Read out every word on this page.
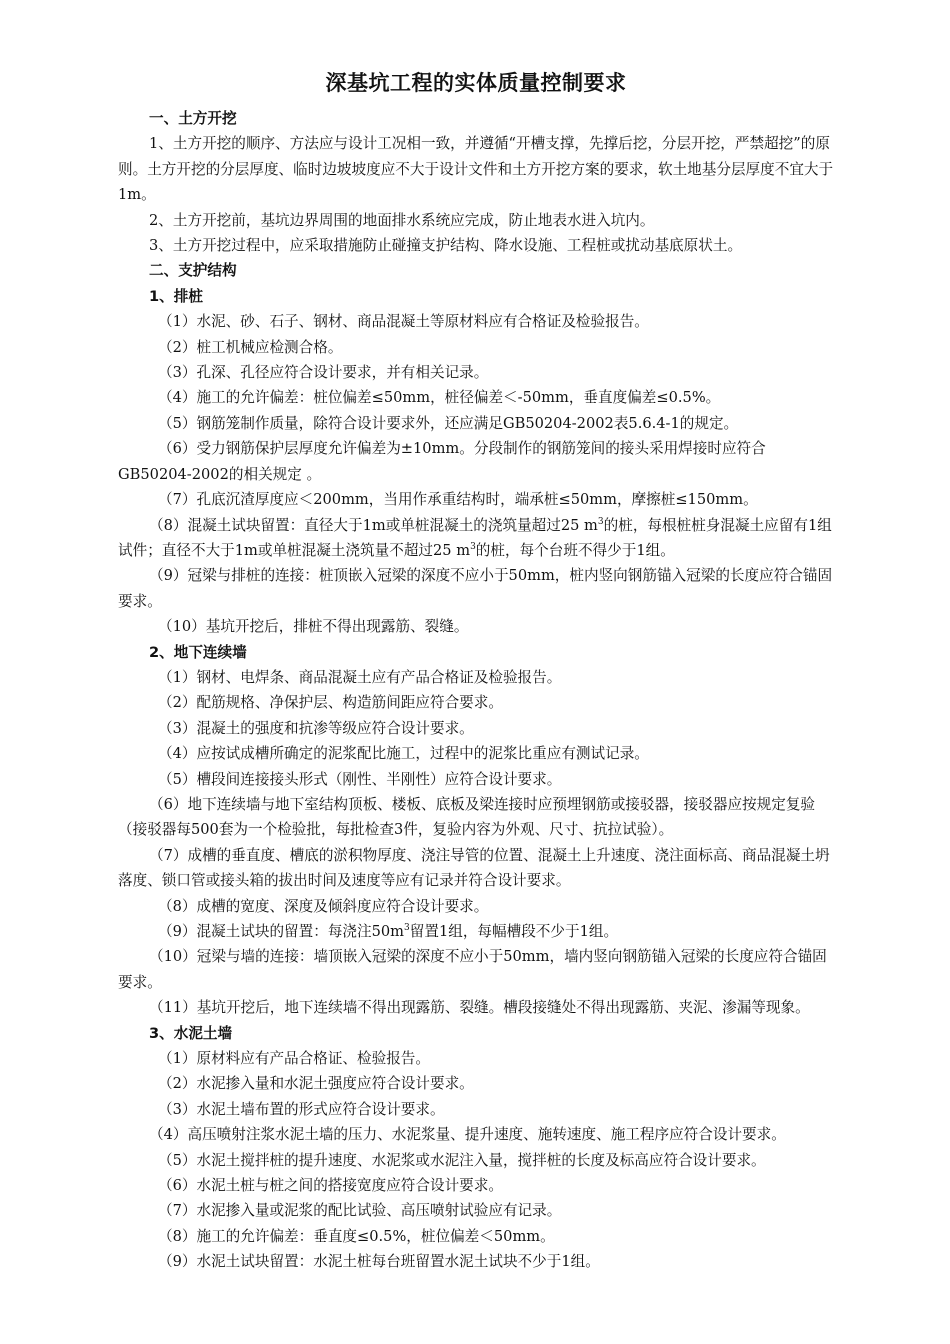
深基坑工程的实体质量控制要求

一、土方开挖

1、土方开挖的顺序、方法应与设计工况相一致，并遵循“开槽支撑，先撑后挖，分层开挖，严禁超挖”的原则。土方开挖的分层厚度、临时边坡坡度应不大于设计文件和土方开挖方案的要求，软土地基分层厚度不宜大于1m。

2、土方开挖前，基坑边界周围的地面排水系统应完成，防止地表水进入坑内。

3、土方开挖过程中，应采取措施防止碰撞支护结构、降水设施、工程桩或扰动基底原状土。

二、支护结构

1、排桩

（1）水泥、砂、石子、钢材、商品混凝土等原材料应有合格证及检验报告。

（2）桩工机械应检测合格。

（3）孔深、孔径应符合设计要求，并有相关记录。

（4）施工的允许偏差：桩位偏差≤50mm，桩径偏差＜-50mm，垂直度偏差≤0.5%。

（5）钢筋笼制作质量，除符合设计要求外，还应满足GB50204-2002表5.6.4-1的规定。

（6）受力钢筋保护层厚度允许偏差为±10mm。分段制作的钢筋笼间的接头采用焊接时应符合GB50204-2002的相关规定 。

（7）孔底沉渣厚度应＜200mm，当用作承重结构时，端承桩≤50mm，摩擦桩≤150mm。

（8）混凝土试块留置：直径大于1m或单桩混凝土的浇筑量超过25 $m^3$的桩，每根桩桩身混凝土应留有1组试件；直径不大于1m或单桩混凝土浇筑量不超过25 $m^3$的桩，每个台班不得少于1组。

（9）冠梁与排桩的连接：桩顶嵌入冠梁的深度不应小于50mm，桩内竖向钢筋锚入冠梁的长度应符合锚固要求。

（10）基坑开挖后，排桩不得出现露筋、裂缝。

2、地下连续墙

（1）钢材、电焊条、商品混凝土应有产品合格证及检验报告。

（2）配筋规格、净保护层、构造筋间距应符合要求。

（3）混凝土的强度和抗渗等级应符合设计要求。

（4）应按试成槽所确定的泥浆配比施工，过程中的泥浆比重应有测试记录。

（5）槽段间连接接头形式（刚性、半刚性）应符合设计要求。

（6）地下连续墙与地下室结构顶板、楼板、底板及梁连接时应预埋钢筋或接驳器，接驳器应按规定复验（接驳器每500套为一个检验批，每批检查3件，复验内容为外观、尺寸、抗拉试验）。

（7）成槽的垂直度、槽底的淤积物厚度、浇注导管的位置、混凝土上升速度、浇注面标高、商品混凝土坍落度、锁口管或接头箱的拔出时间及速度等应有记录并符合设计要求。

（8）成槽的宽度、深度及倾斜度应符合设计要求。

（9）混凝土试块的留置：每浇注$50m^3$留置1组，每幅槽段不少于1组。

（10）冠梁与墙的连接：墙顶嵌入冠梁的深度不应小于50mm，墙内竖向钢筋锚入冠梁的长度应符合锚固要求。

（11）基坑开挖后，地下连续墙不得出现露筋、裂缝。槽段接缝处不得出现露筋、夹泥、渗漏等现象。

3、水泥土墙

（1）原材料应有产品合格证、检验报告。

（2）水泥掺入量和水泥土强度应符合设计要求。

（3）水泥土墙布置的形式应符合设计要求。

（4）高压喷射注浆水泥土墙的压力、水泥浆量、提升速度、施转速度、施工程序应符合设计要求。

（5）水泥土搅拌桩的提升速度、水泥浆或水泥注入量，搅拌桩的长度及标高应符合设计要求。

（6）水泥土桩与桩之间的搭接宽度应符合设计要求。

（7）水泥掺入量或泥浆的配比试验、高压喷射试验应有记录。

（8）施工的允许偏差：垂直度≤0.5%，桩位偏差＜50mm。

（9）水泥土试块留置：水泥土桩每台班留置水泥土试块不少于1组。
